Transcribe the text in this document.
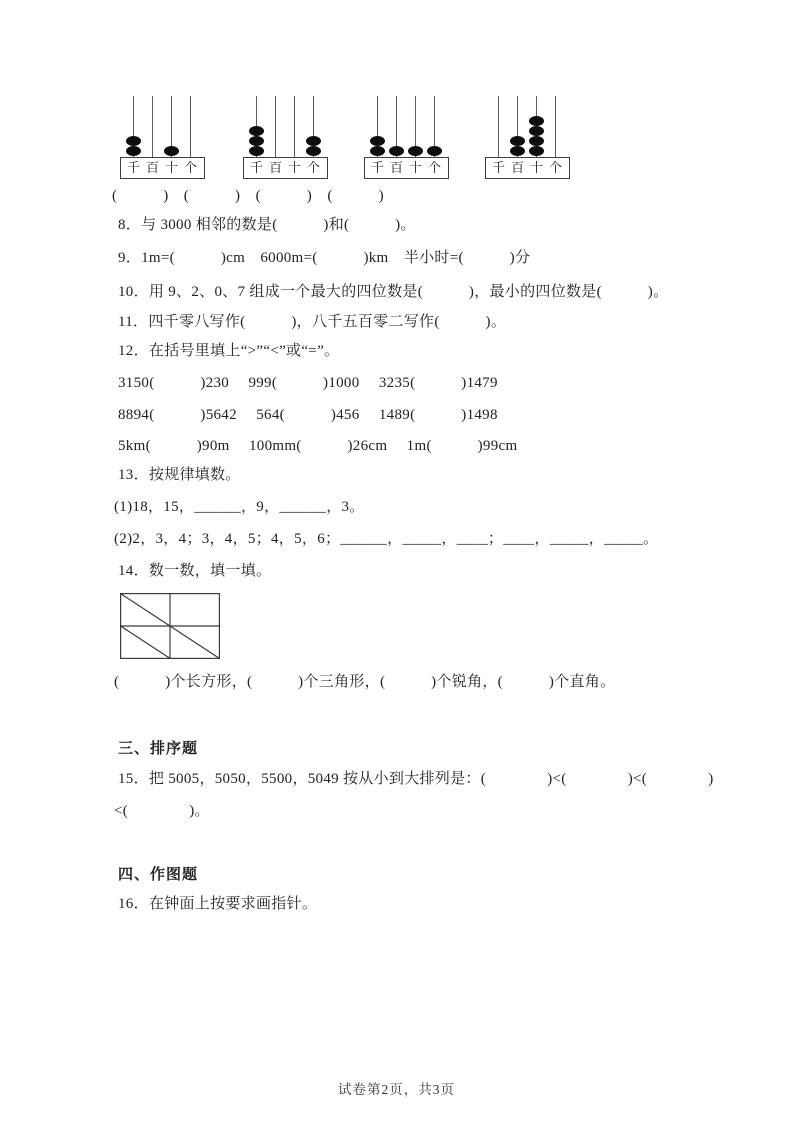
千 百 十 个	千 百 十 个	千 百 十 个	千 百 十 个
(　　　)　(　　　)　(　　　)　(　　　)
8．与 3000 相邻的数是(　　　)和(　　　)。
9．1m=(　　　)cm　6000m=(　　　)km　半小时=(　　　)分
10．用 9、2、0、7 组成一个最大的四位数是(　　　)，最小的四位数是(　　　)。
11．四千零八写作(　　　)，八千五百零二写作(　　　)。
12．在括号里填上“>”“<”或“=”。
3150(　　　)230　 999(　　　)1000　 3235(　　　)1479
8894(　　　)5642　 564(　　　)456　 1489(　　　)1498
5km(　　　)90m　 100mm(　　　)26cm　 1m(　　　)99cm
13．按规律填数。
(1)18，15，______，9，______，3。
(2)2，3，4；3，4，5；4，5，6；______，_____，____；____，_____，_____。
14．数一数，填一填。
(　　　)个长方形，(　　　)个三角形，(　　　)个锐角，(　　　)个直角。
三、排序题
15．把 5005，5050，5500，5049 按从小到大排列是：(　　　　)<(　　　　)<(　　　　)
<(　　　　)。
四、作图题
16．在钟面上按要求画指针。
试卷第2页，共3页
